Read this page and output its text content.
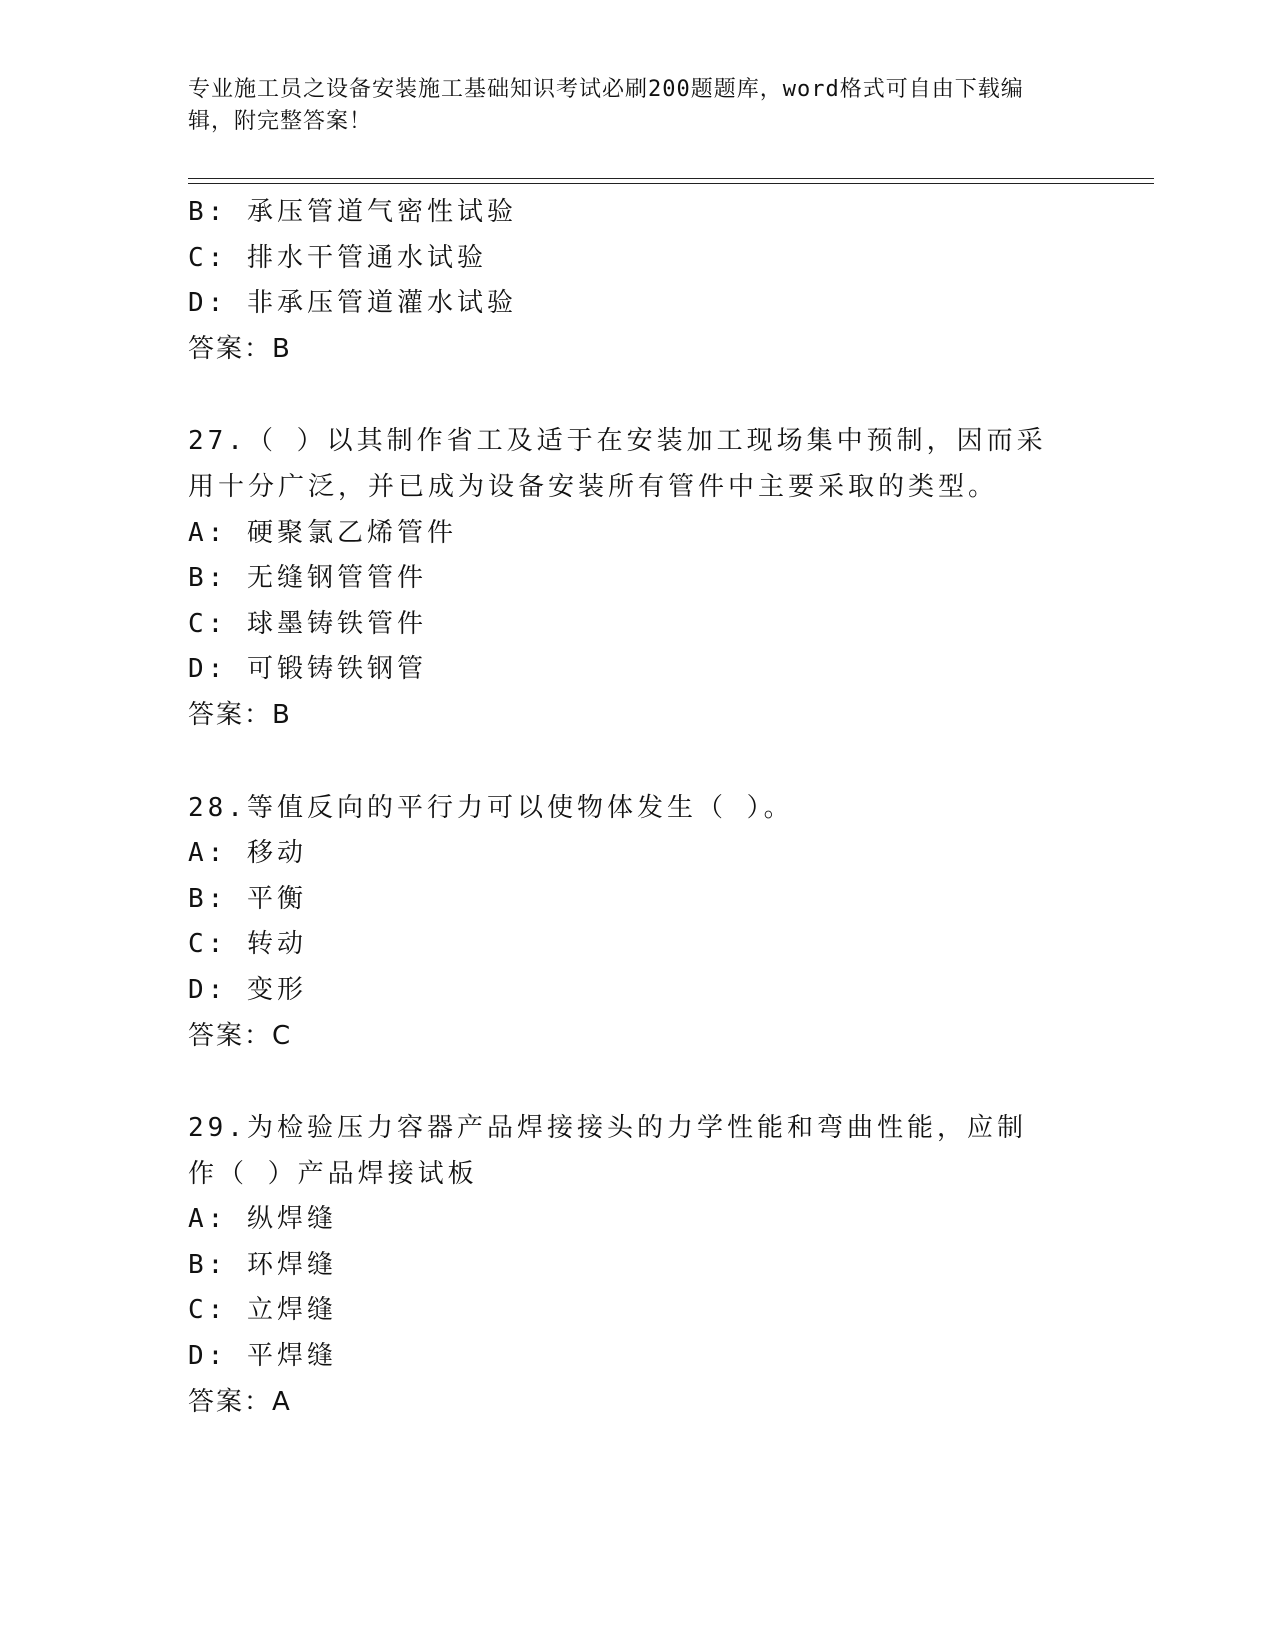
专业施工员之设备安装施工基础知识考试必刷200题题库，word格式可自由下载编辑，附完整答案！
B: 承压管道气密性试验
C: 排水干管通水试验
D: 非承压管道灌水试验
答案：B
27.（ ）以其制作省工及适于在安装加工现场集中预制，因而采用十分广泛，并已成为设备安装所有管件中主要采取的类型。
A: 硬聚氯乙烯管件
B: 无缝钢管管件
C: 球墨铸铁管件
D: 可锻铸铁钢管
答案：B
28.等值反向的平行力可以使物体发生（ ）。
A: 移动
B: 平衡
C: 转动
D: 变形
答案：C
29.为检验压力容器产品焊接接头的力学性能和弯曲性能，应制作（ ）产品焊接试板
A: 纵焊缝
B: 环焊缝
C: 立焊缝
D: 平焊缝
答案：A
